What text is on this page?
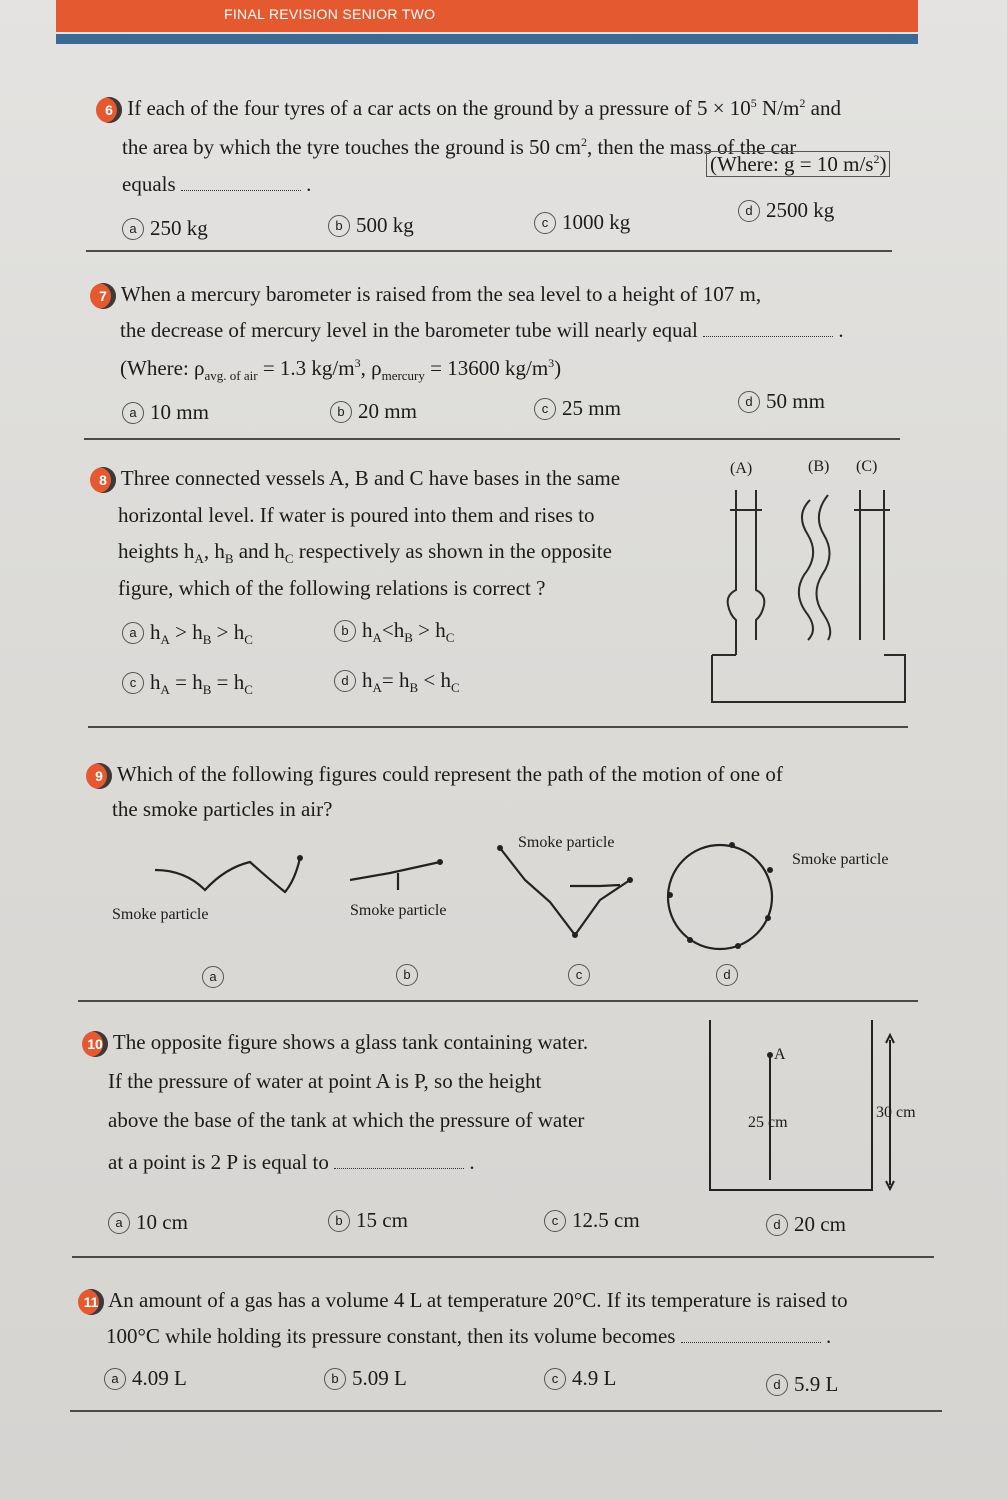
FINAL REVISION SENIOR TWO
6 If each of the four tyres of a car acts on the ground by a pressure of $5 \times 10^5$ $N/m^2$ and
the area by which the tyre touches the ground is 50 $cm^2$, then the mass of the car
equals	.
(Where: g = 10 $m/s^2$)
a 250 kg	b 500 kg	c 1000 kg	d 2500 kg
7 When a mercury barometer is raised from the sea level to a height of 107 m,
the decrease of mercury level in the barometer tube will nearly equal	.
(Where: $\rho_{avg. of air} = 1.3$ $kg/m^3$, $\rho_{mercury} = 13600$ $kg/m^3$)
a 10 mm	b 20 mm	c 25 mm	d 50 mm
8 Three connected vessels A, B and C have bases in the same
horizontal level. If water is poured into them and rises to
heights $h_A$, $h_B$ and $h_C$ respectively as shown in the opposite
figure, which of the following relations is correct ?
a $h_A > h_B > h_C$
b $h_A<h_B > h_C$
c $h_A = h_B = h_C$
d $h_A= h_B < h_C$
(A)	(B) (C)
9 Which of the following figures could represent the path of the motion of one of
the smoke particles in air?
Smoke particle	Smoke particle
Smoke particle
Smoke particle
a	b	c	d
10 The opposite figure shows a glass tank containing water.
If the pressure of water at point A is P, so the height
above the base of the tank at which the pressure of water
at a point is 2 P is equal to	.
A
25 cm
30 cm
a 10 cm	b 15 cm	c 12.5 cm	d 20 cm
11 An amount of a gas has a volume 4 L at temperature 20°C. If its temperature is raised to
100°C while holding its pressure constant, then its volume becomes	.
a 4.09 L	b 5.09 L	c 4.9 L	d 5.9 L
